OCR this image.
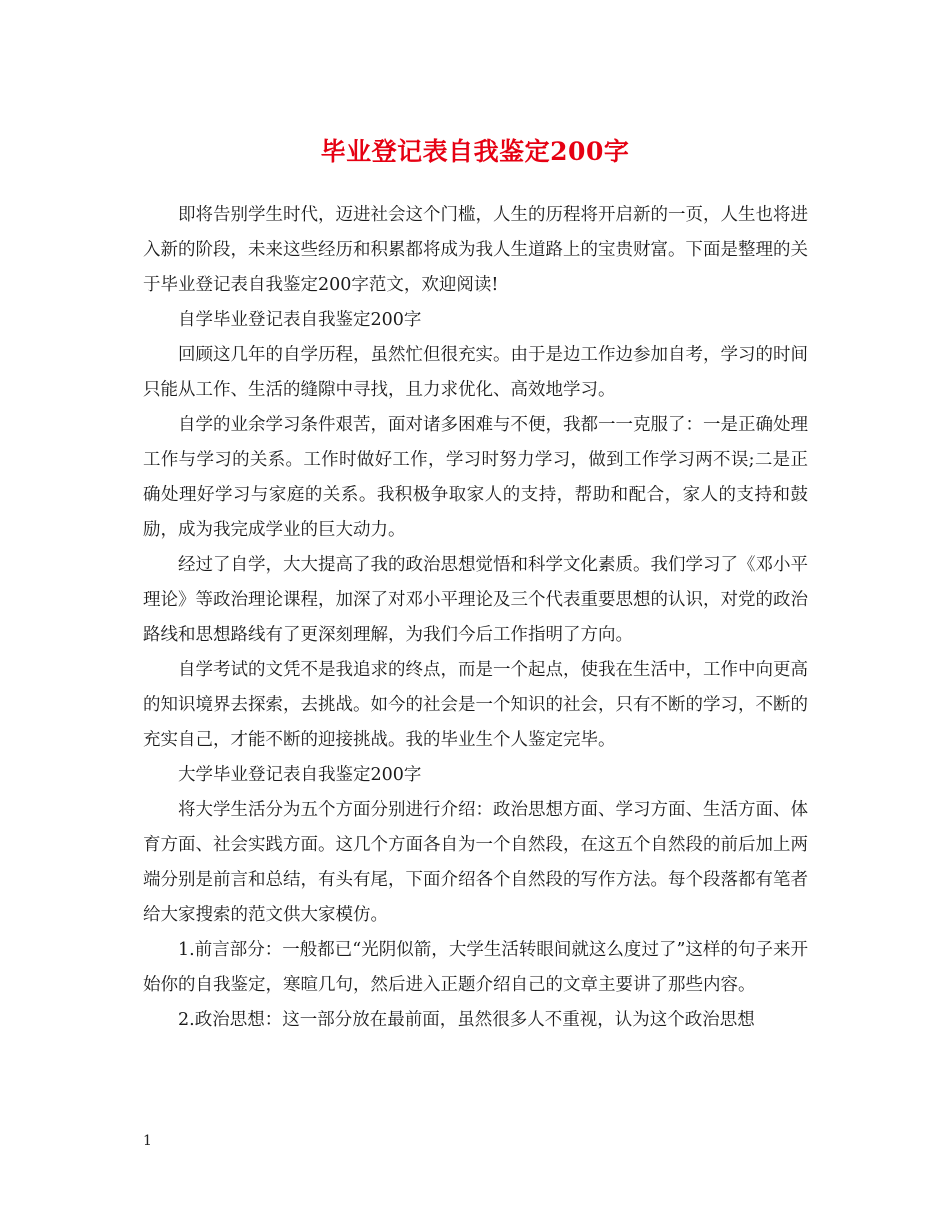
毕业登记表自我鉴定200字

即将告别学生时代，迈进社会这个门槛，人生的历程将开启新的一页，人生也将进入新的阶段，未来这些经历和积累都将成为我人生道路上的宝贵财富。下面是整理的关于毕业登记表自我鉴定200字范文，欢迎阅读!

自学毕业登记表自我鉴定200字

回顾这几年的自学历程，虽然忙但很充实。由于是边工作边参加自考，学习的时间只能从工作、生活的缝隙中寻找，且力求优化、高效地学习。

自学的业余学习条件艰苦，面对诸多困难与不便，我都一一克服了：一是正确处理工作与学习的关系。工作时做好工作，学习时努力学习，做到工作学习两不误;二是正确处理好学习与家庭的关系。我积极争取家人的支持，帮助和配合，家人的支持和鼓励，成为我完成学业的巨大动力。

经过了自学，大大提高了我的政治思想觉悟和科学文化素质。我们学习了《邓小平理论》等政治理论课程，加深了对邓小平理论及三个代表重要思想的认识，对党的政治路线和思想路线有了更深刻理解，为我们今后工作指明了方向。

自学考试的文凭不是我追求的终点，而是一个起点，使我在生活中，工作中向更高的知识境界去探索，去挑战。如今的社会是一个知识的社会，只有不断的学习，不断的充实自己，才能不断的迎接挑战。我的毕业生个人鉴定完毕。

大学毕业登记表自我鉴定200字

将大学生活分为五个方面分别进行介绍：政治思想方面、学习方面、生活方面、体育方面、社会实践方面。这几个方面各自为一个自然段，在这五个自然段的前后加上两端分别是前言和总结，有头有尾，下面介绍各个自然段的写作方法。每个段落都有笔者给大家搜索的范文供大家模仿。

1.前言部分：一般都已“光阴似箭，大学生活转眼间就这么度过了”这样的句子来开始你的自我鉴定，寒暄几句，然后进入正题介绍自己的文章主要讲了那些内容。

2.政治思想：这一部分放在最前面，虽然很多人不重视，认为这个政治思想

1
